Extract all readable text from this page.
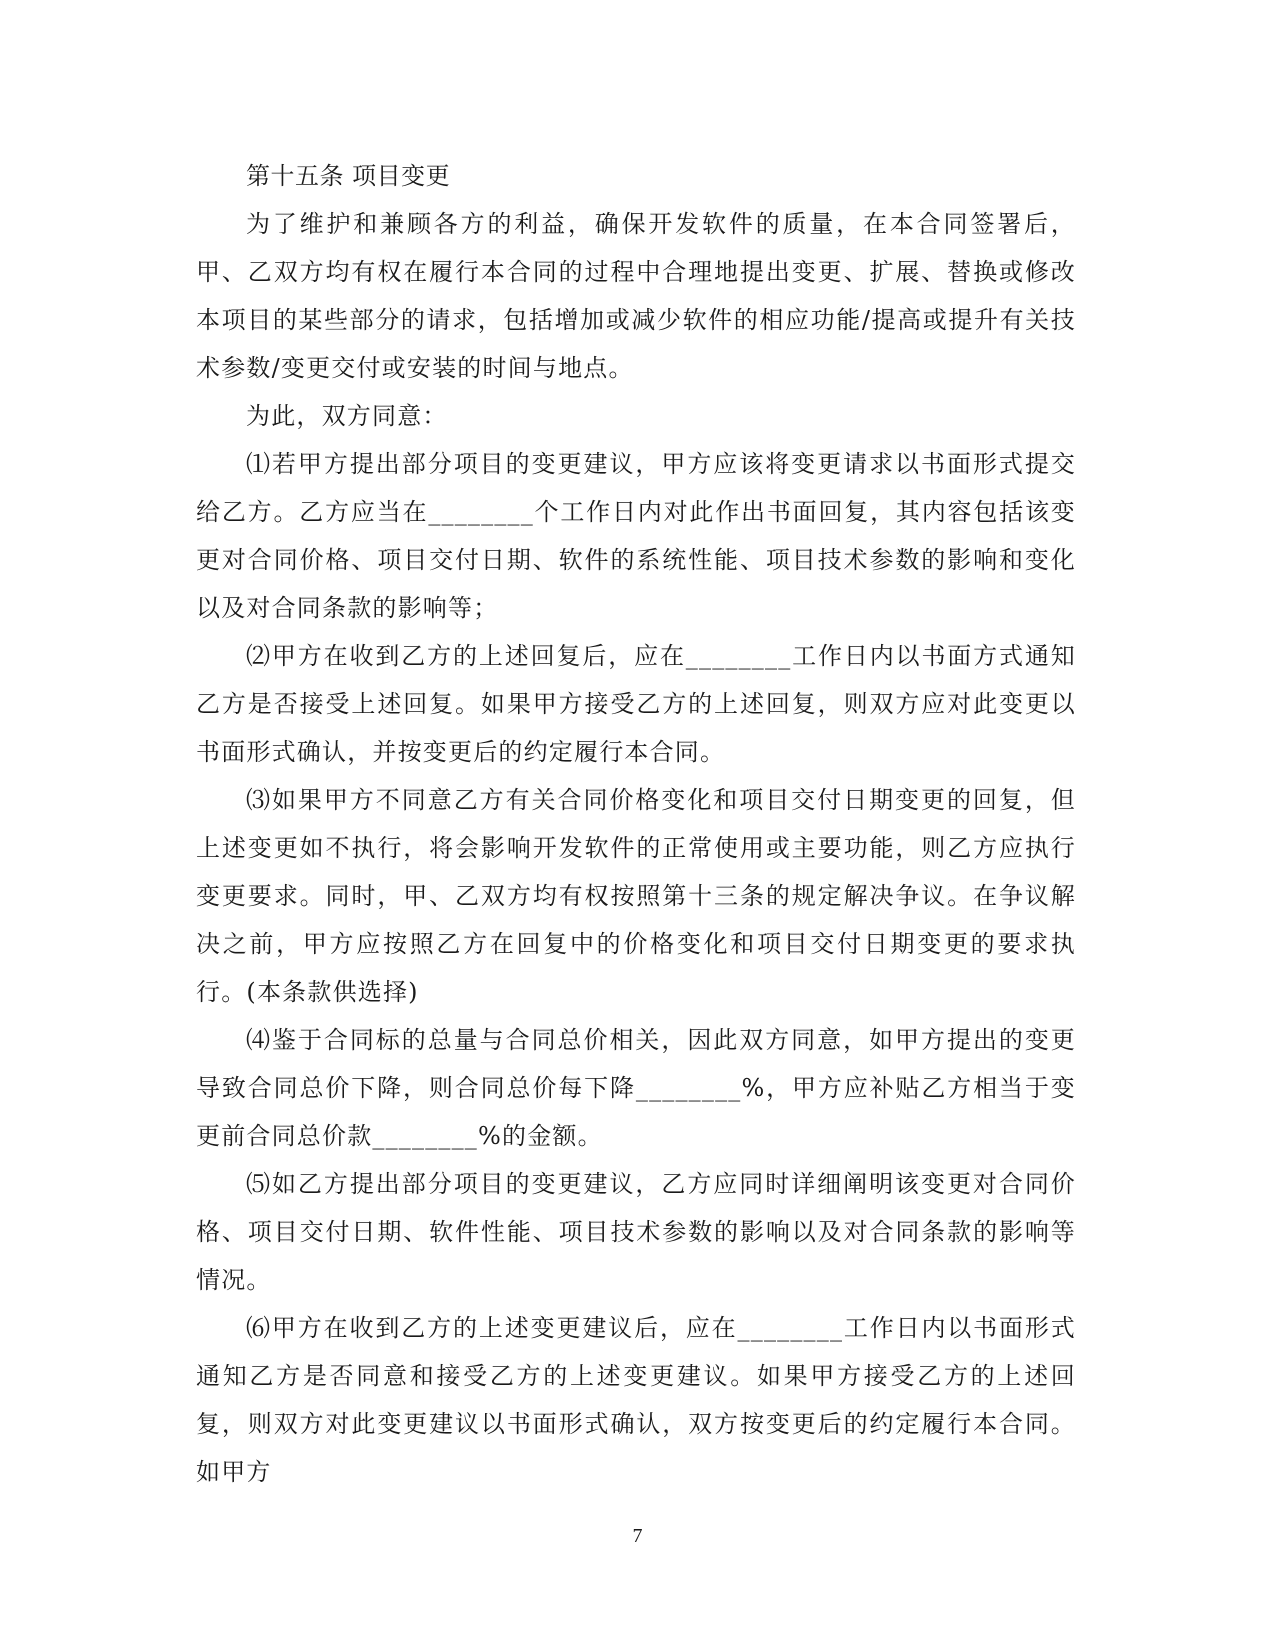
第十五条 项目变更

为了维护和兼顾各方的利益，确保开发软件的质量，在本合同签署后，甲、乙双方均有权在履行本合同的过程中合理地提出变更、扩展、替换或修改本项目的某些部分的请求，包括增加或减少软件的相应功能/提高或提升有关技术参数/变更交付或安装的时间与地点。

为此，双方同意：

⑴若甲方提出部分项目的变更建议，甲方应该将变更请求以书面形式提交给乙方。乙方应当在________个工作日内对此作出书面回复，其内容包括该变更对合同价格、项目交付日期、软件的系统性能、项目技术参数的影响和变化以及对合同条款的影响等；

⑵甲方在收到乙方的上述回复后，应在________工作日内以书面方式通知乙方是否接受上述回复。如果甲方接受乙方的上述回复，则双方应对此变更以书面形式确认，并按变更后的约定履行本合同。

⑶如果甲方不同意乙方有关合同价格变化和项目交付日期变更的回复，但上述变更如不执行，将会影响开发软件的正常使用或主要功能，则乙方应执行变更要求。同时，甲、乙双方均有权按照第十三条的规定解决争议。在争议解决之前，甲方应按照乙方在回复中的价格变化和项目交付日期变更的要求执行。(本条款供选择)

⑷鉴于合同标的总量与合同总价相关，因此双方同意，如甲方提出的变更导致合同总价下降，则合同总价每下降________%，甲方应补贴乙方相当于变更前合同总价款________%的金额。

⑸如乙方提出部分项目的变更建议，乙方应同时详细阐明该变更对合同价格、项目交付日期、软件性能、项目技术参数的影响以及对合同条款的影响等情况。

⑹甲方在收到乙方的上述变更建议后，应在________工作日内以书面形式通知乙方是否同意和接受乙方的上述变更建议。如果甲方接受乙方的上述回复，则双方对此变更建议以书面形式确认，双方按变更后的约定履行本合同。如甲方

7
